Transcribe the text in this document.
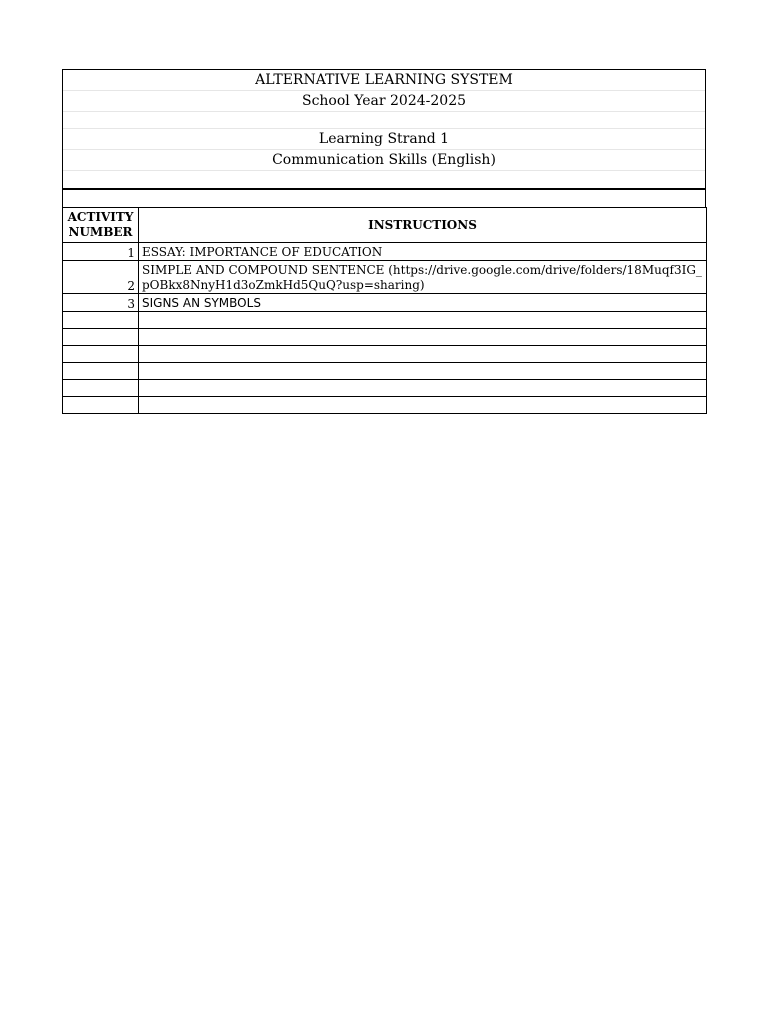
ALTERNATIVE LEARNING SYSTEM
School Year 2024-2025
Learning Strand 1
Communication Skills (English)
ACTIVITY NUMBER	INSTRUCTIONS
1	ESSAY: IMPORTANCE OF EDUCATION
2	SIMPLE AND COMPOUND SENTENCE (https://drive.google.com/drive/folders/18Muqf3IG_pOBkx8NnyH1d3oZmkHd5QuQ?usp=sharing)
3	SIGNS AN SYMBOLS
